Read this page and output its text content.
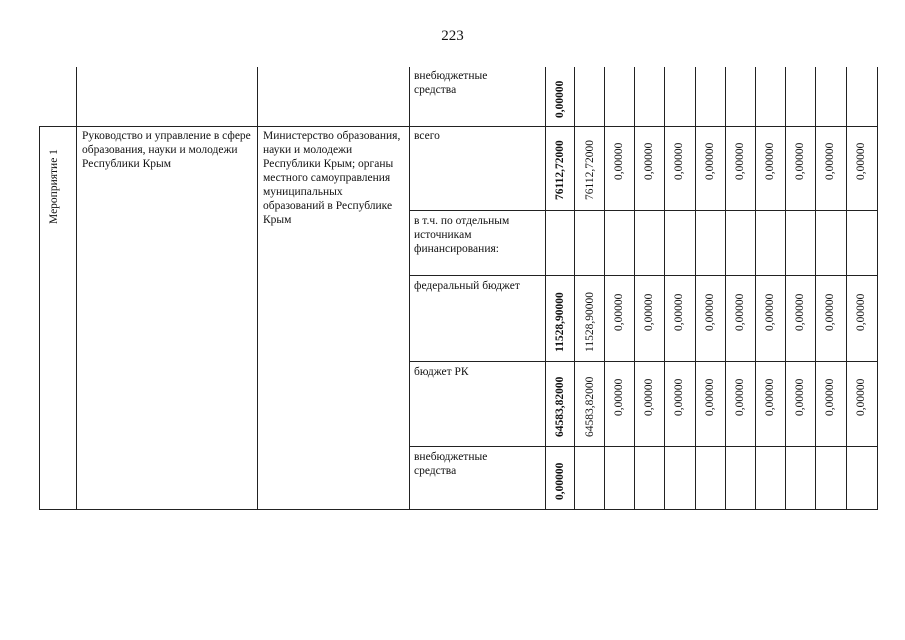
223
Мероприятие 1
Руководство и управление в сфере образования, науки и молодежи Республики Крым
Министерство образования, науки и молодежи Республики Крым; органы местного самоуправления муниципальных образований в Республике Крым
внебюджетные средства	0,00000
всего
76112,72000 76112,72000 0,00000 0,00000 0,00000 0,00000 0,00000 0,00000 0,00000 0,00000 0,00000
в т.ч. по отдельным источникам финансирования:
федеральный бюджет
11528,90000 11528,90000 0,00000 0,00000 0,00000 0,00000 0,00000 0,00000 0,00000 0,00000 0,00000
бюджет РК
64583,82000 64583,82000 0,00000 0,00000 0,00000 0,00000 0,00000 0,00000 0,00000 0,00000 0,00000
внебюджетные средства	0,00000
